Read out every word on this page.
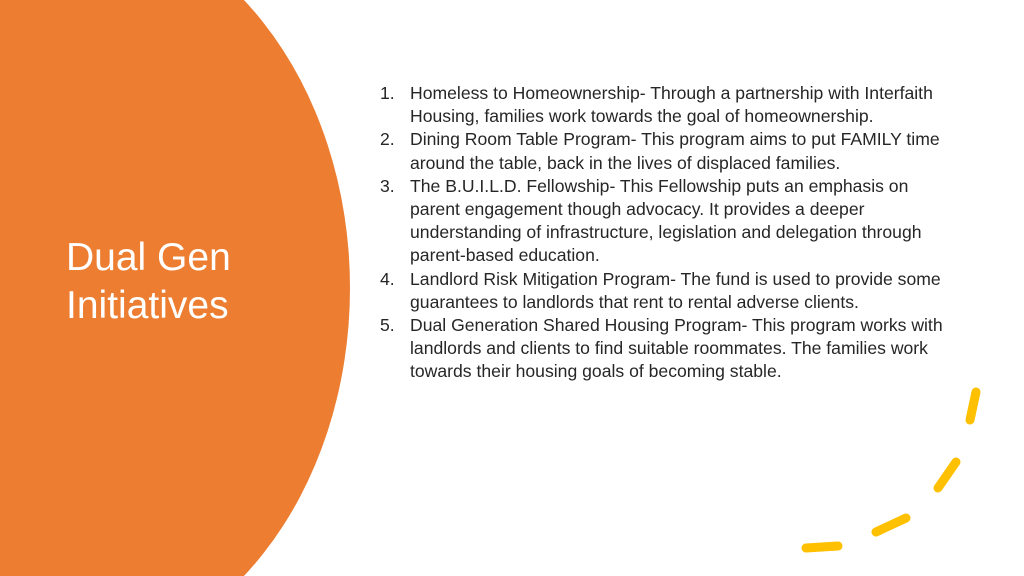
Dual Gen
Initiatives
1. Homeless to Homeownership- Through a partnership with Interfaith Housing, families work towards the goal of homeownership.
2. Dining Room Table Program- This program aims to put FAMILY time around the table, back in the lives of displaced families.
3. The B.U.I.L.D. Fellowship- This Fellowship puts an emphasis on parent engagement though advocacy. It provides a deeper understanding of infrastructure, legislation and delegation through parent-based education.
4. Landlord Risk Mitigation Program- The fund is used to provide some guarantees to landlords that rent to rental adverse clients.
5. Dual Generation Shared Housing Program- This program works with landlords and clients to find suitable roommates. The families work towards their housing goals of becoming stable.
